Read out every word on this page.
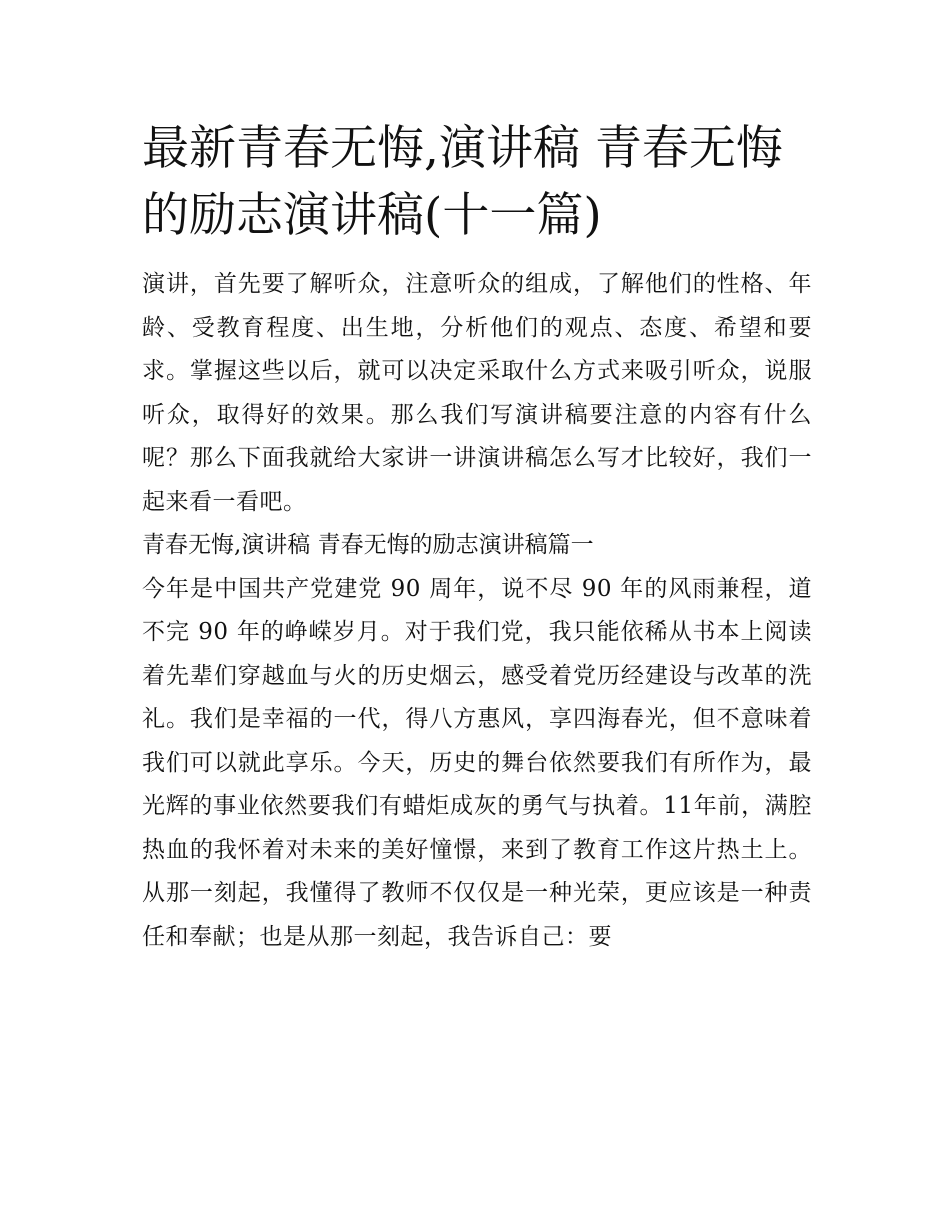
最新青春无悔,演讲稿 青春无悔的励志演讲稿(十一篇)

演讲，首先要了解听众，注意听众的组成，了解他们的性格、年龄、受教育程度、出生地，分析他们的观点、态度、希望和要求。掌握这些以后，就可以决定采取什么方式来吸引听众，说服听众，取得好的效果。那么我们写演讲稿要注意的内容有什么呢？那么下面我就给大家讲一讲演讲稿怎么写才比较好，我们一起来看一看吧。

青春无悔,演讲稿 青春无悔的励志演讲稿篇一

今年是中国共产党建党 90 周年，说不尽 90 年的风雨兼程，道不完 90 年的峥嵘岁月。对于我们党，我只能依稀从书本上阅读着先辈们穿越血与火的历史烟云，感受着党历经建设与改革的洗礼。我们是幸福的一代，得八方惠风，享四海春光，但不意味着我们可以就此享乐。今天，历史的舞台依然要我们有所作为，最光辉的事业依然要我们有蜡炬成灰的勇气与执着。11年前，满腔热血的我怀着对未来的美好憧憬，来到了教育工作这片热土上。从那一刻起，我懂得了教师不仅仅是一种光荣，更应该是一种责任和奉献；也是从那一刻起，我告诉自己：要
